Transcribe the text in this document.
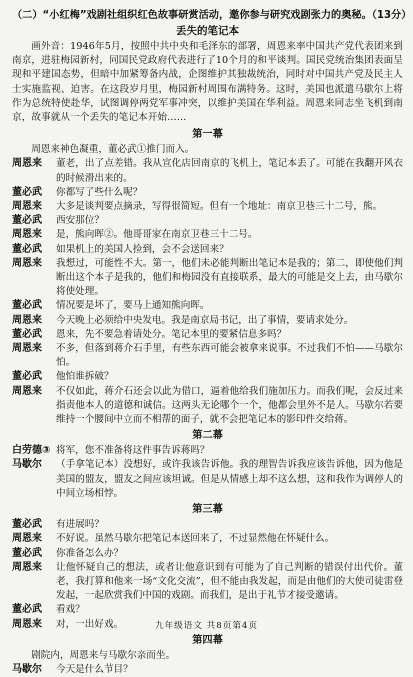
（二）“小红梅”戏剧社组织红色故事研赏活动，邀你参与研究戏剧张力的奥秘。（13分）
丢失的笔记本

画外音：1946年5月，按照中共中央和毛泽东的部署，周恩来率中国共产党代表团来到南京，进驻梅园新村，同国民党政府代表进行了10个月的和平谈判。国民党统治集团表面呈现和平建国态势，但暗中加紧筹备内战，企图维护其独裁统治，同时对中国共产党及民主人士实施监视、迫害。在这段岁月里，梅园新村周围布满特务。这时，美国也派遣马歇尔上将作为总统特使赴华，试图调停两党军事冲突，以维护美国在华利益。周恩来同志坐飞机到南京，故事就从一个丢失的笔记本开始……

第一幕

周恩来神色凝重，董必武①推门而入。

周恩来	董老，出了点差错。我从宣化店回南京的飞机上，笔记本丢了。可能在我翻开风衣的时候滑出来的。
董必武	你都写了些什么呢？
周恩来	大多是谈判要点摘录，写得很简短。但有一个地址：南京卫巷三十二号，熊。
董必武	西安那位？
周恩来	是，熊向晖②。他哥哥家在南京卫巷三十二号。
董必武	如果机上的美国人捡到，会不会送回来？
周恩来	我想过，可能性不大。第一，他们未必能判断出笔记本是我的；第二，即使他们判断出这个本子是我的，他们和梅园没有直接联系，最大的可能是交上去，由马歇尔将使处理。
董必武	情况要是坏了，要马上通知熊向晖。
周恩来	今天晚上必须给中央发电。我是南京局书记，出了事情，要请求处分。
董必武	恩来，先不要急着请处分。笔记本里的要紧信息多吗？
周恩来	不多，但落到蒋介石手里，有些东西可能会被拿来说事。不过我们不怕——马歇尔怕。
董必武	他怕谁拆破？
周恩来	不仅如此，蒋介石还会以此为借口，逼着他给我们施加压力。而我们呢，会反过来指责他本人的道德和诚信。这两头无论哪个一个，他都会里外不是人。马歇尔若要维持一个腰间中立而不相帮的面子，就不会把笔记本的影印件交给蒋。
第二幕
白劳德③ 将军，您不准备将这件事告诉蒋吗？
马歇尔	（手拿笔记本）没想好，或许我该告诉他。我的理智告诉我应该告诉他，因为他是美国的盟友，盟友之间应该坦诚。但是从情感上却不这么想，这和我作为调停人的中间立场相悖。
第三幕
董必武	有进展吗？
周恩来	不好说。虽然马歇尔把笔记本送回来了，不过显然他在怀疑什么。
董必武	你准备怎么办？
周恩来	让他怀疑自己的想法，或者让他意识到有可能为了自己判断的错误付出代价。董老，我打算和他来一场“文化交流”，但不能由我发起，而是由他们的大使司徒雷登发起，一起欣赏我们中国的戏剧。而我们，是出于礼节才接受邀请。
董必武	看戏？
周恩来	对，一出好戏。
第四幕

剧院内，周恩来与马歇尔亲而坐。

马歇尔	今天是什么节目？
九年级语文 共8页第4页
